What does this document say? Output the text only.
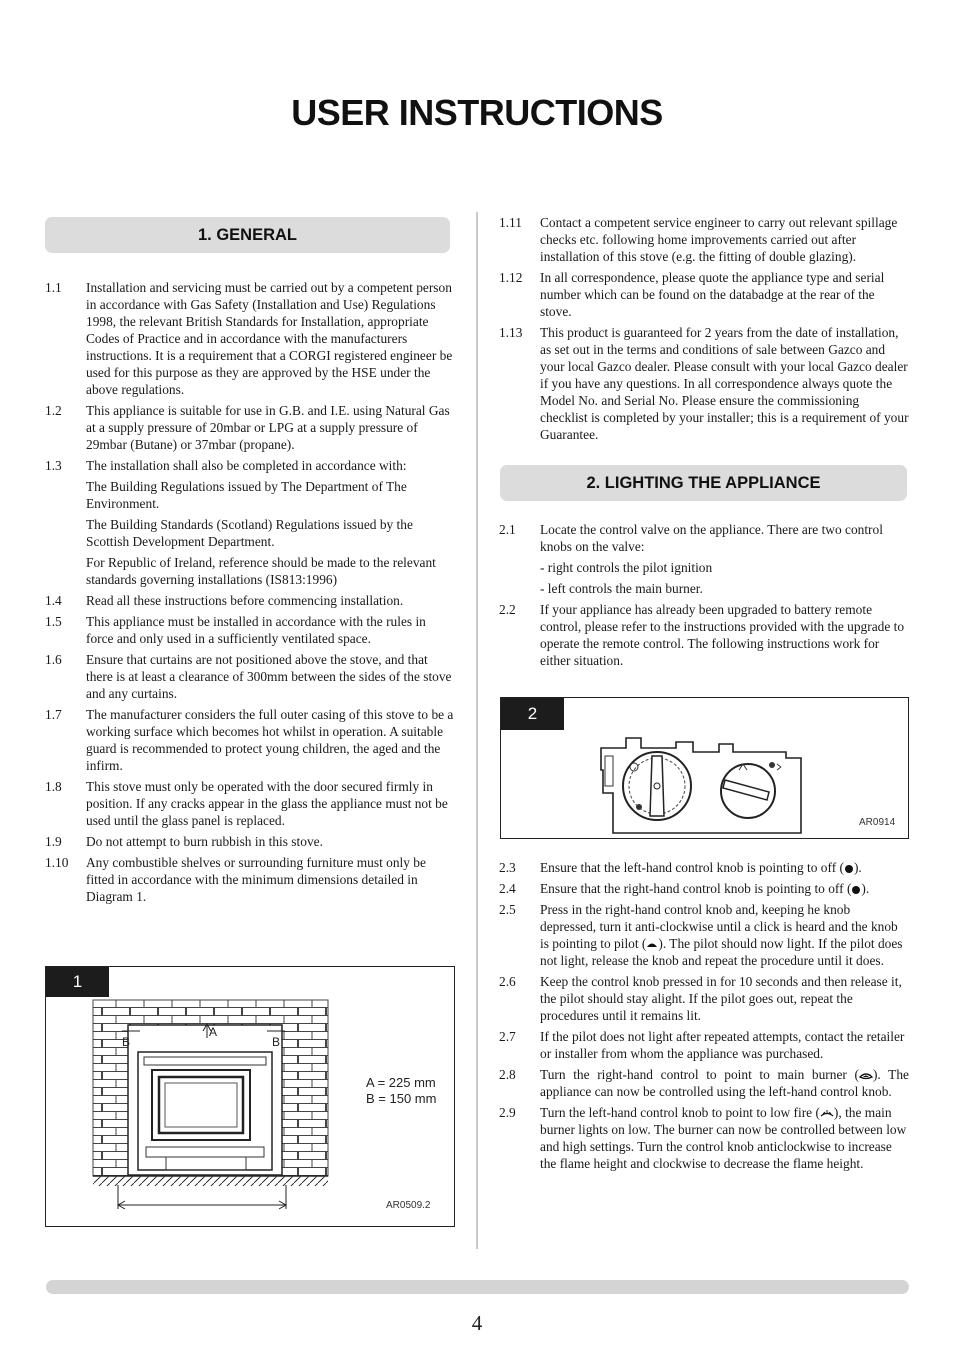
USER INSTRUCTIONS
1. GENERAL
1.1	Installation and servicing must be carried out by a competent person in accordance with Gas Safety (Installation and Use) Regulations 1998, the relevant British Standards for Installation, appropriate Codes of Practice and in accordance with the manufacturers instructions. It is a requirement that a CORGI registered engineer be used for this purpose as they are approved by the HSE under the above regulations.
1.2	This appliance is suitable for use in G.B. and I.E. using Natural Gas at a supply pressure of 20mbar or LPG at a supply pressure of 29mbar (Butane) or 37mbar (propane).
1.3	The installation shall also be completed in accordance with:
The Building Regulations issued by The Department of The Environment.
The Building Standards (Scotland) Regulations issued by the Scottish Development Department.
For Republic of Ireland, reference should be made to the relevant standards governing installations (IS813:1996)
1.4	Read all these instructions before commencing installation.
1.5	This appliance must be installed in accordance with the rules in force and only used in a sufficiently ventilated space.
1.6	Ensure that curtains are not positioned above the stove, and that there is at least a clearance of 300mm between the sides of the stove and any curtains.
1.7	The manufacturer considers the full outer casing of this stove to be a working surface which becomes hot whilst in operation. A suitable guard is recommended to protect young children, the aged and the infirm.
1.8	This stove must only be operated with the door secured firmly in position. If any cracks appear in the glass the appliance must not be used until the glass panel is replaced.
1.9	Do not attempt to burn rubbish in this stove.
1.10	Any combustible shelves or surrounding furniture must only be fitted in accordance with the minimum dimensions detailed in Diagram 1.
1
A
B	B
A = 225 mm
B = 150 mm
AR0509.2
1.11	Contact a competent service engineer to carry out relevant spillage checks etc. following home improvements carried out after installation of this stove (e.g. the fitting of double glazing).
1.12	In all correspondence, please quote the appliance type and serial number which can be found on the databadge at the rear of the stove.
1.13	This product is guaranteed for 2 years from the date of installation, as set out in the terms and conditions of sale between Gazco and your local Gazco dealer. Please consult with your local Gazco dealer if you have any questions. In all correspondence always quote the Model No. and Serial No. Please ensure the commissioning checklist is completed by your installer; this is a requirement of your Guarantee.
2. LIGHTING THE APPLIANCE
2.1	Locate the control valve on the appliance. There are two control knobs on the valve:
- right controls the pilot ignition
- left controls the main burner.
2.2	If your appliance has already been upgraded to battery remote control, please refer to the instructions provided with the upgrade to operate the remote control. The following instructions work for either situation.
2
AR0914
2.3	Ensure that the left-hand control knob is pointing to off ( ).
2.4	Ensure that the right-hand control knob is pointing to off ( ).
2.5	Press in the right-hand control knob and, keeping he knob depressed, turn it anti-clockwise until a click is heard and the knob is pointing to pilot ( ). The pilot should now light. If the pilot does not light, release the knob and repeat the procedure until it does.
2.6	Keep the control knob pressed in for 10 seconds and then release it, the pilot should stay alight. If the pilot goes out, repeat the procedures until it remains lit.
2.7	If the pilot does not light after repeated attempts, contact the retailer or installer from whom the appliance was purchased.
2.8	Turn the right-hand control to point to main burner ( ). The appliance can now be controlled using the left-hand control knob.
2.9	Turn the left-hand control knob to point to low fire ( ), the main burner lights on low. The burner can now be controlled between low and high settings. Turn the control knob anticlockwise to increase the flame height and clockwise to decrease the flame height.
4
